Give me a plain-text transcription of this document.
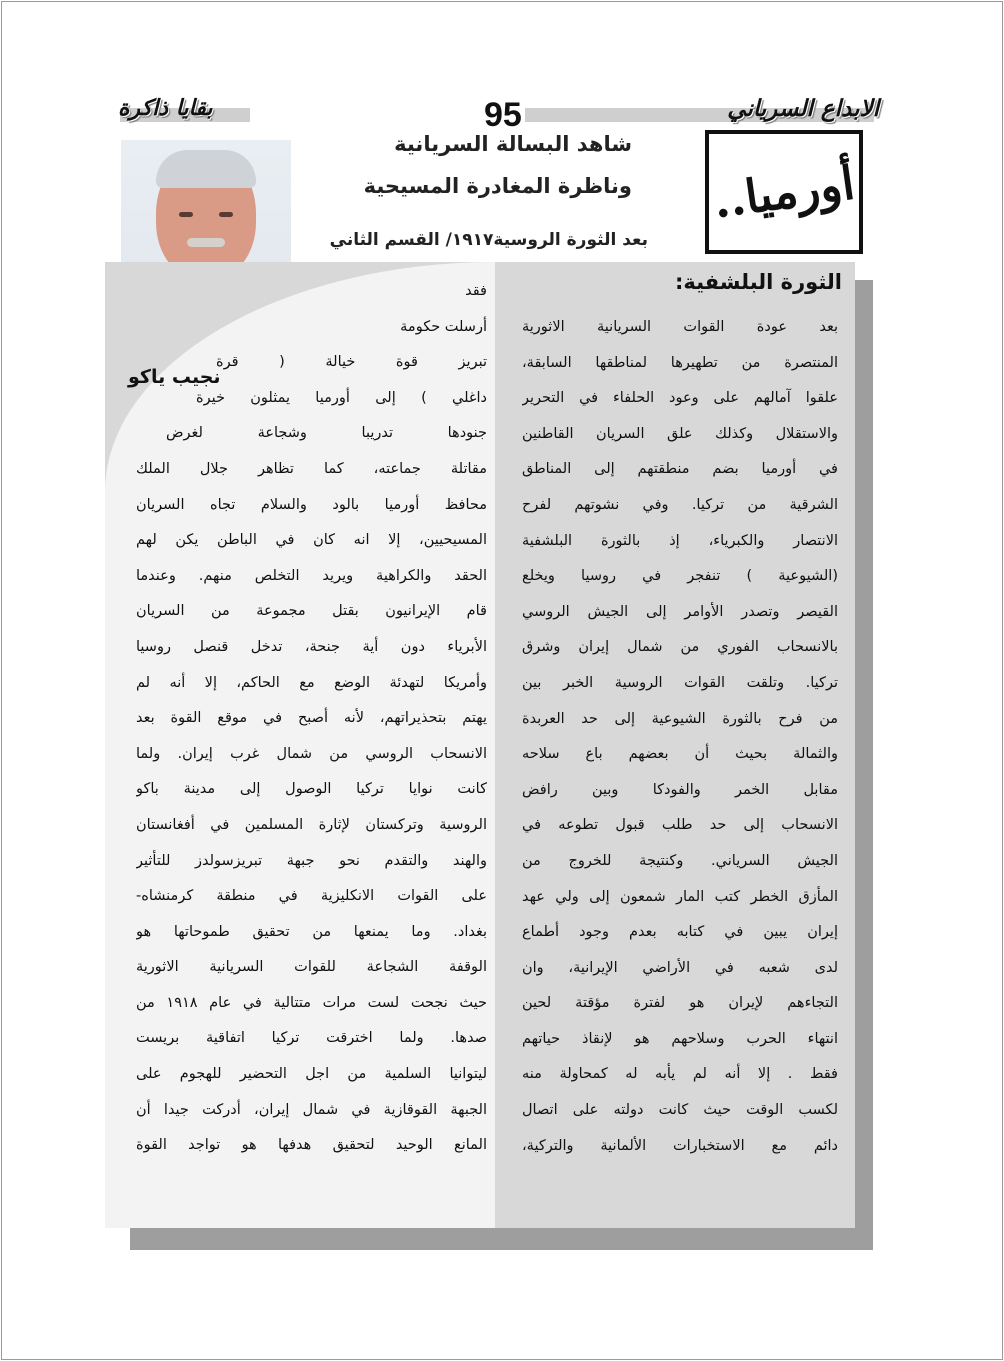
الابداع السرياني
95
بقايا ذاكرة
أورميا..
شاهد البسالة السريانية
وناظرة المغادرة المسيحية
بعد الثورة الروسية١٩١٧/ القسم الثاني
نجيب ياكو
الثورة البلشفية:
بعد عودة القوات السريانية الاثورية
المنتصرة من تطهيرها لمناطقها السابقة،
علقوا آمالهم على وعود الحلفاء في التحرير
والاستقلال وكذلك علق السريان القاطنين
في أورميا بضم منطقتهم إلى المناطق
الشرقية من تركيا. وفي نشوتهم لفرح
الانتصار والكبرياء، إذ بالثورة البلشفية
(الشيوعية ) تنفجر في روسيا ويخلع
القيصر وتصدر الأوامر إلى الجيش الروسي
بالانسحاب الفوري من شمال إيران وشرق
تركيا. وتلقت القوات الروسية الخبر بين
من فرح بالثورة الشيوعية إلى حد العربدة
والثمالة بحيث أن بعضهم باع سلاحه
مقابل الخمر والفودكا وبين رافض
الانسحاب إلى حد طلب قبول تطوعه في
الجيش السرياني. وكنتيجة للخروج من
المأزق الخطر كتب المار شمعون إلى ولي عهد
إيران يبين في كتابه بعدم وجود أطماع
لدى شعبه في الأراضي الإيرانية، وان
التجاءهم لإيران هو لفترة مؤقتة لحين
انتهاء الحرب وسلاحهم هو لإنقاذ حياتهم
فقط . إلا أنه لم يأبه له كمحاولة منه
لكسب الوقت حيث كانت دولته على اتصال
دائم مع الاستخبارات الألمانية والتركية،
فقد
أرسلت حكومة
تبريز قوة خيالة ( قرة
داغلي ) إلى أورميا يمثلون خيرة
جنودها تدريبا وشجاعة لغرض
مقاتلة جماعته، كما تظاهر جلال الملك
محافظ أورميا بالود والسلام تجاه السريان
المسيحيين، إلا انه كان في الباطن يكن لهم
الحقد والكراهية ويريد التخلص منهم. وعندما
قام الإيرانيون بقتل مجموعة من السريان
الأبرياء دون أية جنحة، تدخل قنصل روسيا
وأمريكا لتهدئة الوضع مع الحاكم، إلا أنه لم
يهتم بتحذيراتهم، لأنه أصبح في موقع القوة بعد
الانسحاب الروسي من شمال غرب إيران. ولما
كانت نوايا تركيا الوصول إلى مدينة باكو
الروسية وتركستان لإثارة المسلمين في أفغانستان
والهند والتقدم نحو جبهة تبريزسولدز للتأثير
على القوات الانكليزية في منطقة كرمنشاه-
بغداد. وما يمنعها من تحقيق طموحاتها هو
الوقفة الشجاعة للقوات السريانية الاثورية
حيث نجحت لست مرات متتالية في عام ١٩١٨ من
صدها. ولما اخترقت تركيا اتفاقية بريست
ليتوانيا السلمية من اجل التحضير للهجوم على
الجبهة القوقازية في شمال إيران، أدركت جيدا أن
المانع الوحيد لتحقيق هدفها هو تواجد القوة
